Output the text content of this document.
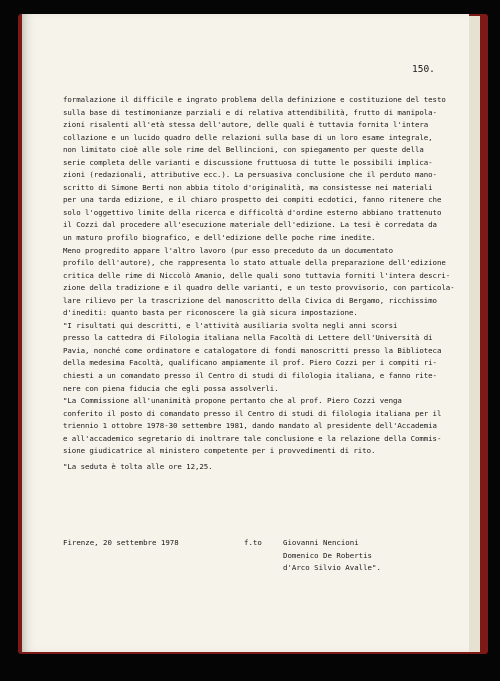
150.
formalazione il difficile e ingrato problema della definizione e costituzione del testo
sulla base di testimonianze parziali e di relativa attendibilità, frutto di manipola-
zioni risalenti all'età stessa dell'autore, delle quali è tuttavia fornita l'intera
collazione e un lucido quadro delle relazioni sulla base di un loro esame integrale,
non limitato cioè alle sole rime del Bellincioni, con spiegamento per queste della
serie completa delle varianti e discussione fruttuosa di tutte le possibili implica-
zioni (redazionali, attributive ecc.). La persuasiva conclusione che il perduto mano-
scritto di Simone Berti non abbia titolo d'originalità, ma consistesse nei materiali
per una tarda edizione, e il chiaro prospetto dei compiti ecdotici, fanno ritenere che
solo l'oggettivo limite della ricerca e difficoltà d'ordine esterno abbiano trattenuto
il Cozzi dal procedere all'esecuzione materiale dell'edizione. La tesi è corredata da
un maturo profilo biografico, e dell'edizione delle poche rime inedite.
Meno progredito appare l'altro lavoro (pur esso preceduto da un documentato
profilo dell'autore), che rappresenta lo stato attuale della preparazione dell'edizione
critica delle rime di Niccolò Amanio, delle quali sono tuttavia forniti l'intera descri-
zione della tradizione e il quadro delle varianti, e un testo provvisorio, con particola-
lare rilievo per la trascrizione del manoscritto della Civica di Bergamo, ricchissimo
d'inediti: quanto basta per riconoscere la già sicura impostazione.
"I risultati qui descritti, e l'attività ausiliaria svolta negli anni scorsi
presso la cattedra di Filologia italiana nella Facoltà di Lettere dell'Università di
Pavia, nonché come ordinatore e catalogatore di fondi manoscritti presso la Biblioteca
della medesima Facoltà, qualificano ampiamente il prof. Piero Cozzi per i compiti ri-
chiesti a un comandato presso il Centro di studi di filologia italiana, e fanno rite-
nere con piena fiducia che egli possa assolverli.
"La Commissione all'unanimità propone pertanto che al prof. Piero Cozzi venga
conferito il posto di comandato presso il Centro di studi di filologia italiana per il
triennio 1 ottobre 1978-30 settembre 1981, dando mandato al presidente dell'Accademia
e all'accademico segretario di inoltrare tale conclusione e la relazione della Commis-
sione giudicatrice al ministero competente per i provvedimenti di rito.
"La seduta è tolta alle ore 12,25.
Firenze, 20 settembre 1978	f.to	Giovanni Nencioni
Domenico De Robertis
d'Arco Silvio Avalle".
